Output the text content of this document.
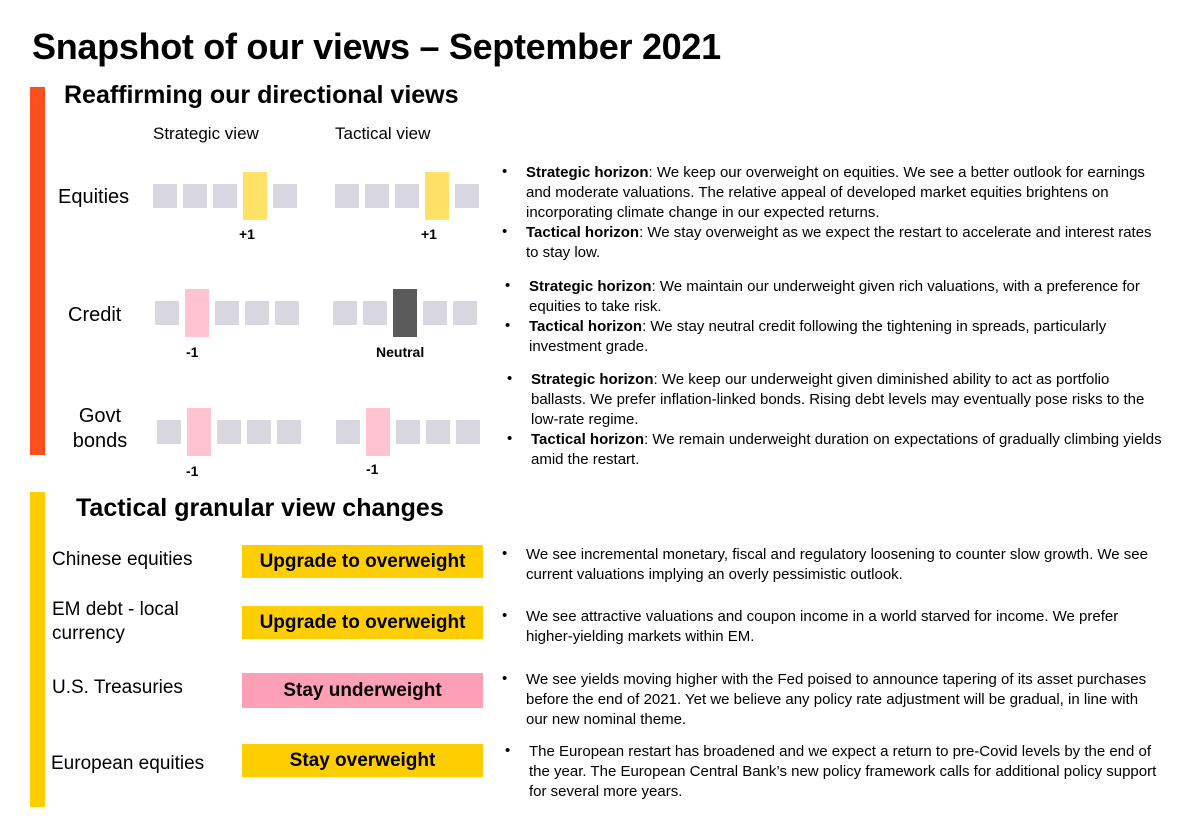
Snapshot of our views – September 2021
Reaffirming our directional views
Strategic view	Tactical view
Equities
+1	+1
• Strategic horizon: We keep our overweight on equities. We see a better outlook for earnings and moderate valuations. The relative appeal of developed market equities brightens on incorporating climate change in our expected returns.
• Tactical horizon: We stay overweight as we expect the restart to accelerate and interest rates to stay low.
Credit
-1	Neutral
• Strategic horizon: We maintain our underweight given rich valuations, with a preference for equities to take risk.
• Tactical horizon: We stay neutral credit following the tightening in spreads, particularly investment grade.
Govt
bonds
-1	-1
• Strategic horizon: We keep our underweight given diminished ability to act as portfolio ballasts. We prefer inflation-linked bonds. Rising debt levels may eventually pose risks to the low-rate regime.
• Tactical horizon: We remain underweight duration on expectations of gradually climbing yields amid the restart.
Tactical granular view changes
Chinese equities	Upgrade to overweight	• We see incremental monetary, fiscal and regulatory loosening to counter slow growth. We see current valuations implying an overly pessimistic outlook.
EM debt - local
currency
Upgrade to overweight	• We see attractive valuations and coupon income in a world starved for income. We prefer higher-yielding markets within EM.
U.S. Treasuries	Stay underweight	• We see yields moving higher with the Fed poised to announce tapering of its asset purchases before the end of 2021. Yet we believe any policy rate adjustment will be gradual, in line with our new nominal theme.
European equities	Stay overweight	• The European restart has broadened and we expect a return to pre-Covid levels by the end of the year. The European Central Bank’s new policy framework calls for additional policy support for several more years.
